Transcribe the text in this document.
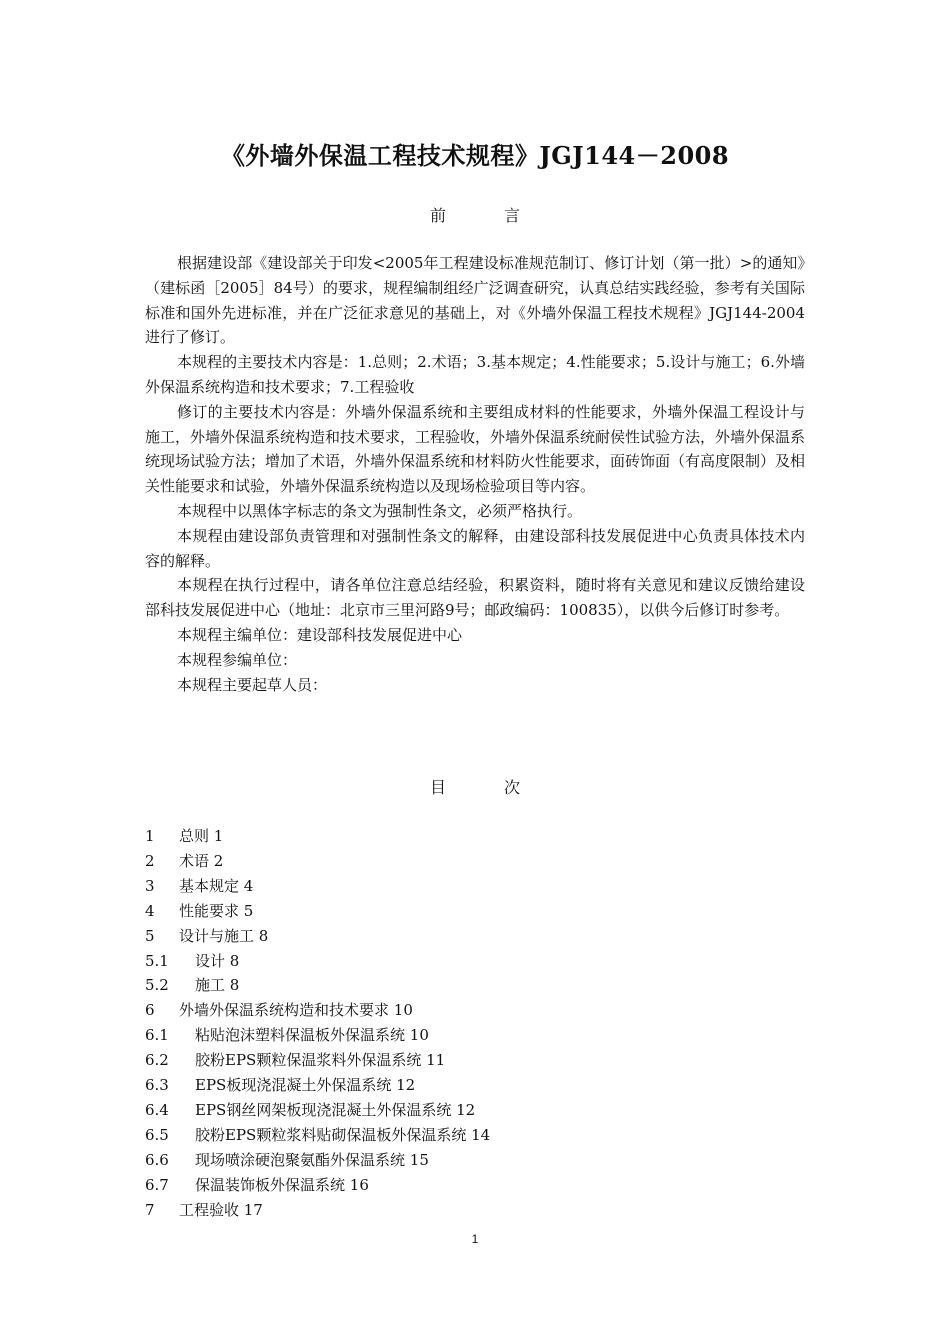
《外墙外保温工程技术规程》JGJ144－2008
前	言

根据建设部《建设部关于印发<2005年工程建设标准规范制订、修订计划（第一批）>的通知》（建标函［2005］84号）的要求，规程编制组经广泛调查研究，认真总结实践经验，参考有关国际标准和国外先进标准，并在广泛征求意见的基础上，对《外墙外保温工程技术规程》JGJ144-2004进行了修订。

本规程的主要技术内容是：1.总则；2.术语；3.基本规定；4.性能要求；5.设计与施工；6.外墙外保温系统构造和技术要求；7.工程验收

修订的主要技术内容是：外墙外保温系统和主要组成材料的性能要求，外墙外保温工程设计与施工，外墙外保温系统构造和技术要求，工程验收，外墙外保温系统耐侯性试验方法，外墙外保温系统现场试验方法；增加了术语，外墙外保温系统和材料防火性能要求，面砖饰面（有高度限制）及相关性能要求和试验，外墙外保温系统构造以及现场检验项目等内容。

本规程中以黑体字标志的条文为强制性条文，必须严格执行。

本规程由建设部负责管理和对强制性条文的解释，由建设部科技发展促进中心负责具体技术内容的解释。

本规程在执行过程中，请各单位注意总结经验，积累资料，随时将有关意见和建议反馈给建设部科技发展促进中心（地址：北京市三里河路9号；邮政编码：100835），以供今后修订时参考。

本规程主编单位：建设部科技发展促进中心

本规程参编单位：

本规程主要起草人员：

目	次
1 总则 1
2 术语 2
3 基本规定 4
4 性能要求 5
5 设计与施工 8
5.1 设计 8
5.2 施工 8
6 外墙外保温系统构造和技术要求 10
6.1 粘贴泡沫塑料保温板外保温系统 10
6.2 胶粉EPS颗粒保温浆料外保温系统 11
6.3 EPS板现浇混凝土外保温系统 12
6.4 EPS钢丝网架板现浇混凝土外保温系统 12
6.5 胶粉EPS颗粒浆料贴砌保温板外保温系统 14
6.6 现场喷涂硬泡聚氨酯外保温系统 15
6.7 保温装饰板外保温系统 16
7 工程验收 17
1
